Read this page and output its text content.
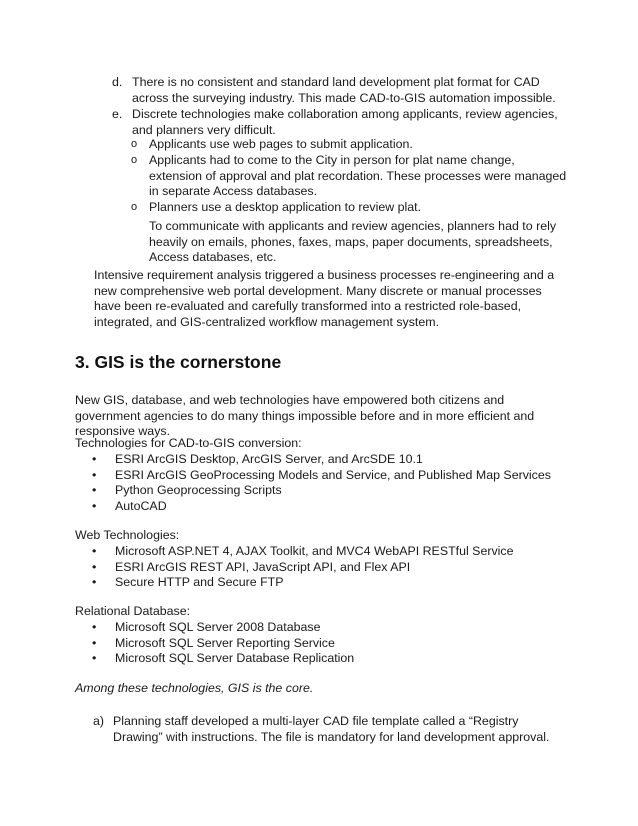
d. There is no consistent and standard land development plat format for CAD across the surveying industry. This made CAD-to-GIS automation impossible.
e. Discrete technologies make collaboration among applicants, review agencies, and planners very difficult.
o Applicants use web pages to submit application.
o Applicants had to come to the City in person for plat name change, extension of approval and plat recordation. These processes were managed in separate Access databases.
o Planners use a desktop application to review plat.

To communicate with applicants and review agencies, planners had to rely heavily on emails, phones, faxes, maps, paper documents, spreadsheets, Access databases, etc.

Intensive requirement analysis triggered a business processes re-engineering and a new comprehensive web portal development. Many discrete or manual processes have been re-evaluated and carefully transformed into a restricted role-based, integrated, and GIS-centralized workflow management system.

3. GIS is the cornerstone

New GIS, database, and web technologies have empowered both citizens and government agencies to do many things impossible before and in more efficient and responsive ways.

Technologies for CAD-to-GIS conversion:

• ESRI ArcGIS Desktop, ArcGIS Server, and ArcSDE 10.1
• ESRI ArcGIS GeoProcessing Models and Service, and Published Map Services
• Python Geoprocessing Scripts
• AutoCAD

Web Technologies:

• Microsoft ASP.NET 4, AJAX Toolkit, and MVC4 WebAPI RESTful Service
• ESRI ArcGIS REST API, JavaScript API, and Flex API
• Secure HTTP and Secure FTP

Relational Database:

• Microsoft SQL Server 2008 Database
• Microsoft SQL Server Reporting Service
• Microsoft SQL Server Database Replication

Among these technologies, GIS is the core.

a) Planning staff developed a multi-layer CAD file template called a “Registry Drawing” with instructions. The file is mandatory for land development approval.
